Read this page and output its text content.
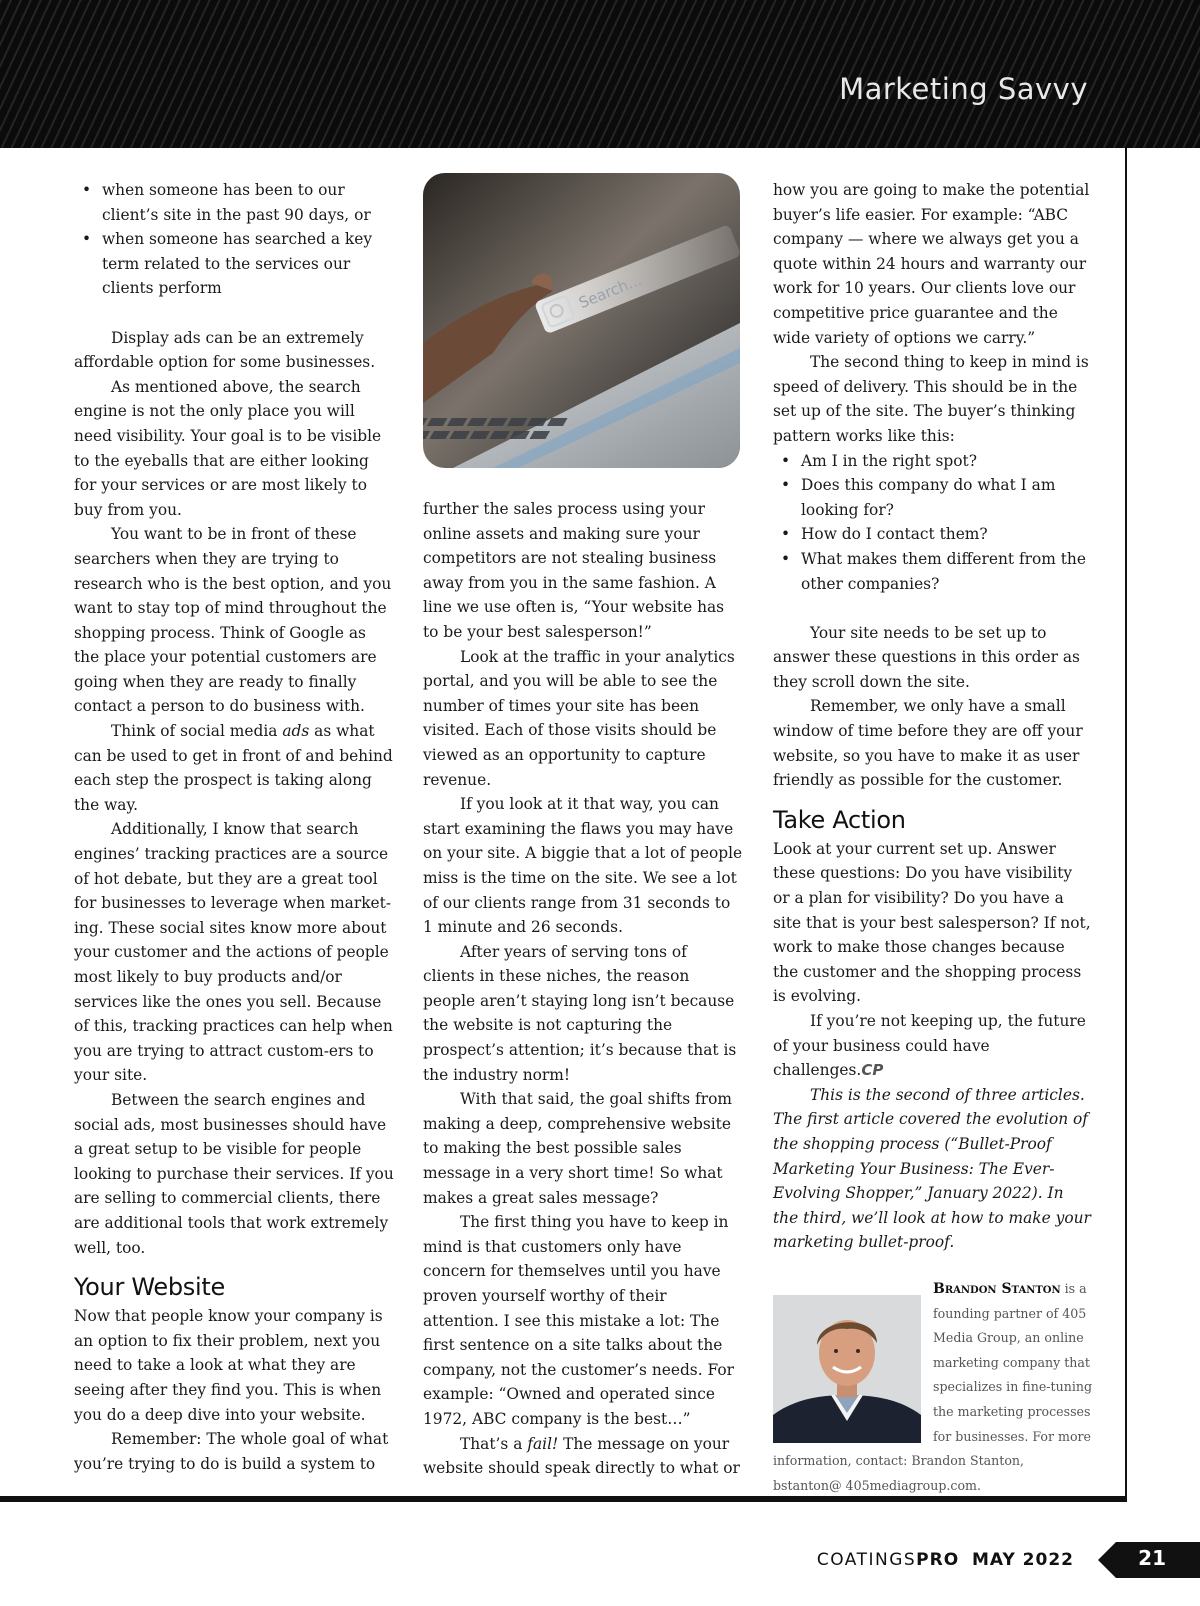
Marketing Savvy
• when someone has been to our client’s site in the past 90 days, or
• when someone has searched a key term related to the services our clients perform

Display ads can be an extremely affordable option for some businesses.

As mentioned above, the search engine is not the only place you will need visibility. Your goal is to be visible to the eyeballs that are either looking for your services or are most likely to buy from you.

You want to be in front of these searchers when they are trying to research who is the best option, and you want to stay top of mind throughout the shopping process. Think of Google as the place your potential customers are going when they are ready to finally contact a person to do business with.

Think of social media ads as what can be used to get in front of and behind each step the prospect is taking along the way.

Additionally, I know that search engines’ tracking practices are a source of hot debate, but they are a great tool for businesses to leverage when market-ing. These social sites know more about your customer and the actions of people most likely to buy products and/or services like the ones you sell. Because of this, tracking practices can help when you are trying to attract custom-ers to your site.

Between the search engines and social ads, most businesses should have a great setup to be visible for people looking to purchase their services. If you are selling to commercial clients, there are additional tools that work extremely well, too.

Your Website

Now that people know your company is an option to fix their problem, next you need to take a look at what they are seeing after they find you. This is when you do a deep dive into your website.

Remember: The whole goal of what you’re trying to do is build a system to

Search...

further the sales process using your online assets and making sure your competitors are not stealing business away from you in the same fashion. A line we use often is, “Your website has to be your best salesperson!”

Look at the traffic in your analytics portal, and you will be able to see the number of times your site has been visited. Each of those visits should be viewed as an opportunity to capture revenue.

If you look at it that way, you can start examining the flaws you may have on your site. A biggie that a lot of people miss is the time on the site. We see a lot of our clients range from 31 seconds to 1 minute and 26 seconds.

After years of serving tons of clients in these niches, the reason people aren’t staying long isn’t because the website is not capturing the prospect’s attention; it’s because that is the industry norm!

With that said, the goal shifts from making a deep, comprehensive website to making the best possible sales message in a very short time! So what makes a great sales message?

The first thing you have to keep in mind is that customers only have concern for themselves until you have proven yourself worthy of their attention. I see this mistake a lot: The first sentence on a site talks about the company, not the customer’s needs. For example: “Owned and operated since 1972, ABC company is the best…”

That’s a fail! The message on your website should speak directly to what or

how you are going to make the potential buyer’s life easier. For example: “ABC company — where we always get you a quote within 24 hours and warranty our work for 10 years. Our clients love our competitive price guarantee and the wide variety of options we carry.”

The second thing to keep in mind is speed of delivery. This should be in the set up of the site. The buyer’s thinking pattern works like this:

• Am I in the right spot?
• Does this company do what I am looking for?
• How do I contact them?
• What makes them different from the other companies?

Your site needs to be set up to answer these questions in this order as they scroll down the site.

Remember, we only have a small window of time before they are off your website, so you have to make it as user friendly as possible for the customer.

Take Action

Look at your current set up. Answer these questions: Do you have visibility or a plan for visibility? Do you have a site that is your best salesperson? If not, work to make those changes because the customer and the shopping process is evolving.

If you’re not keeping up, the future of your business could have challenges.CP

This is the second of three articles. The first article covered the evolution of the shopping process (“Bullet-Proof Marketing Your Business: The Ever-Evolving Shopper,” January 2022). In the third, we’ll look at how to make your marketing bullet-proof.

Brandon Stanton is a founding partner of 405 Media Group, an online marketing company that specializes in fine-tuning the marketing processes for businesses. For more information, contact: Brandon Stanton, bstanton@ 405mediagroup.com.
COATINGSPRO MAY 2022	21
